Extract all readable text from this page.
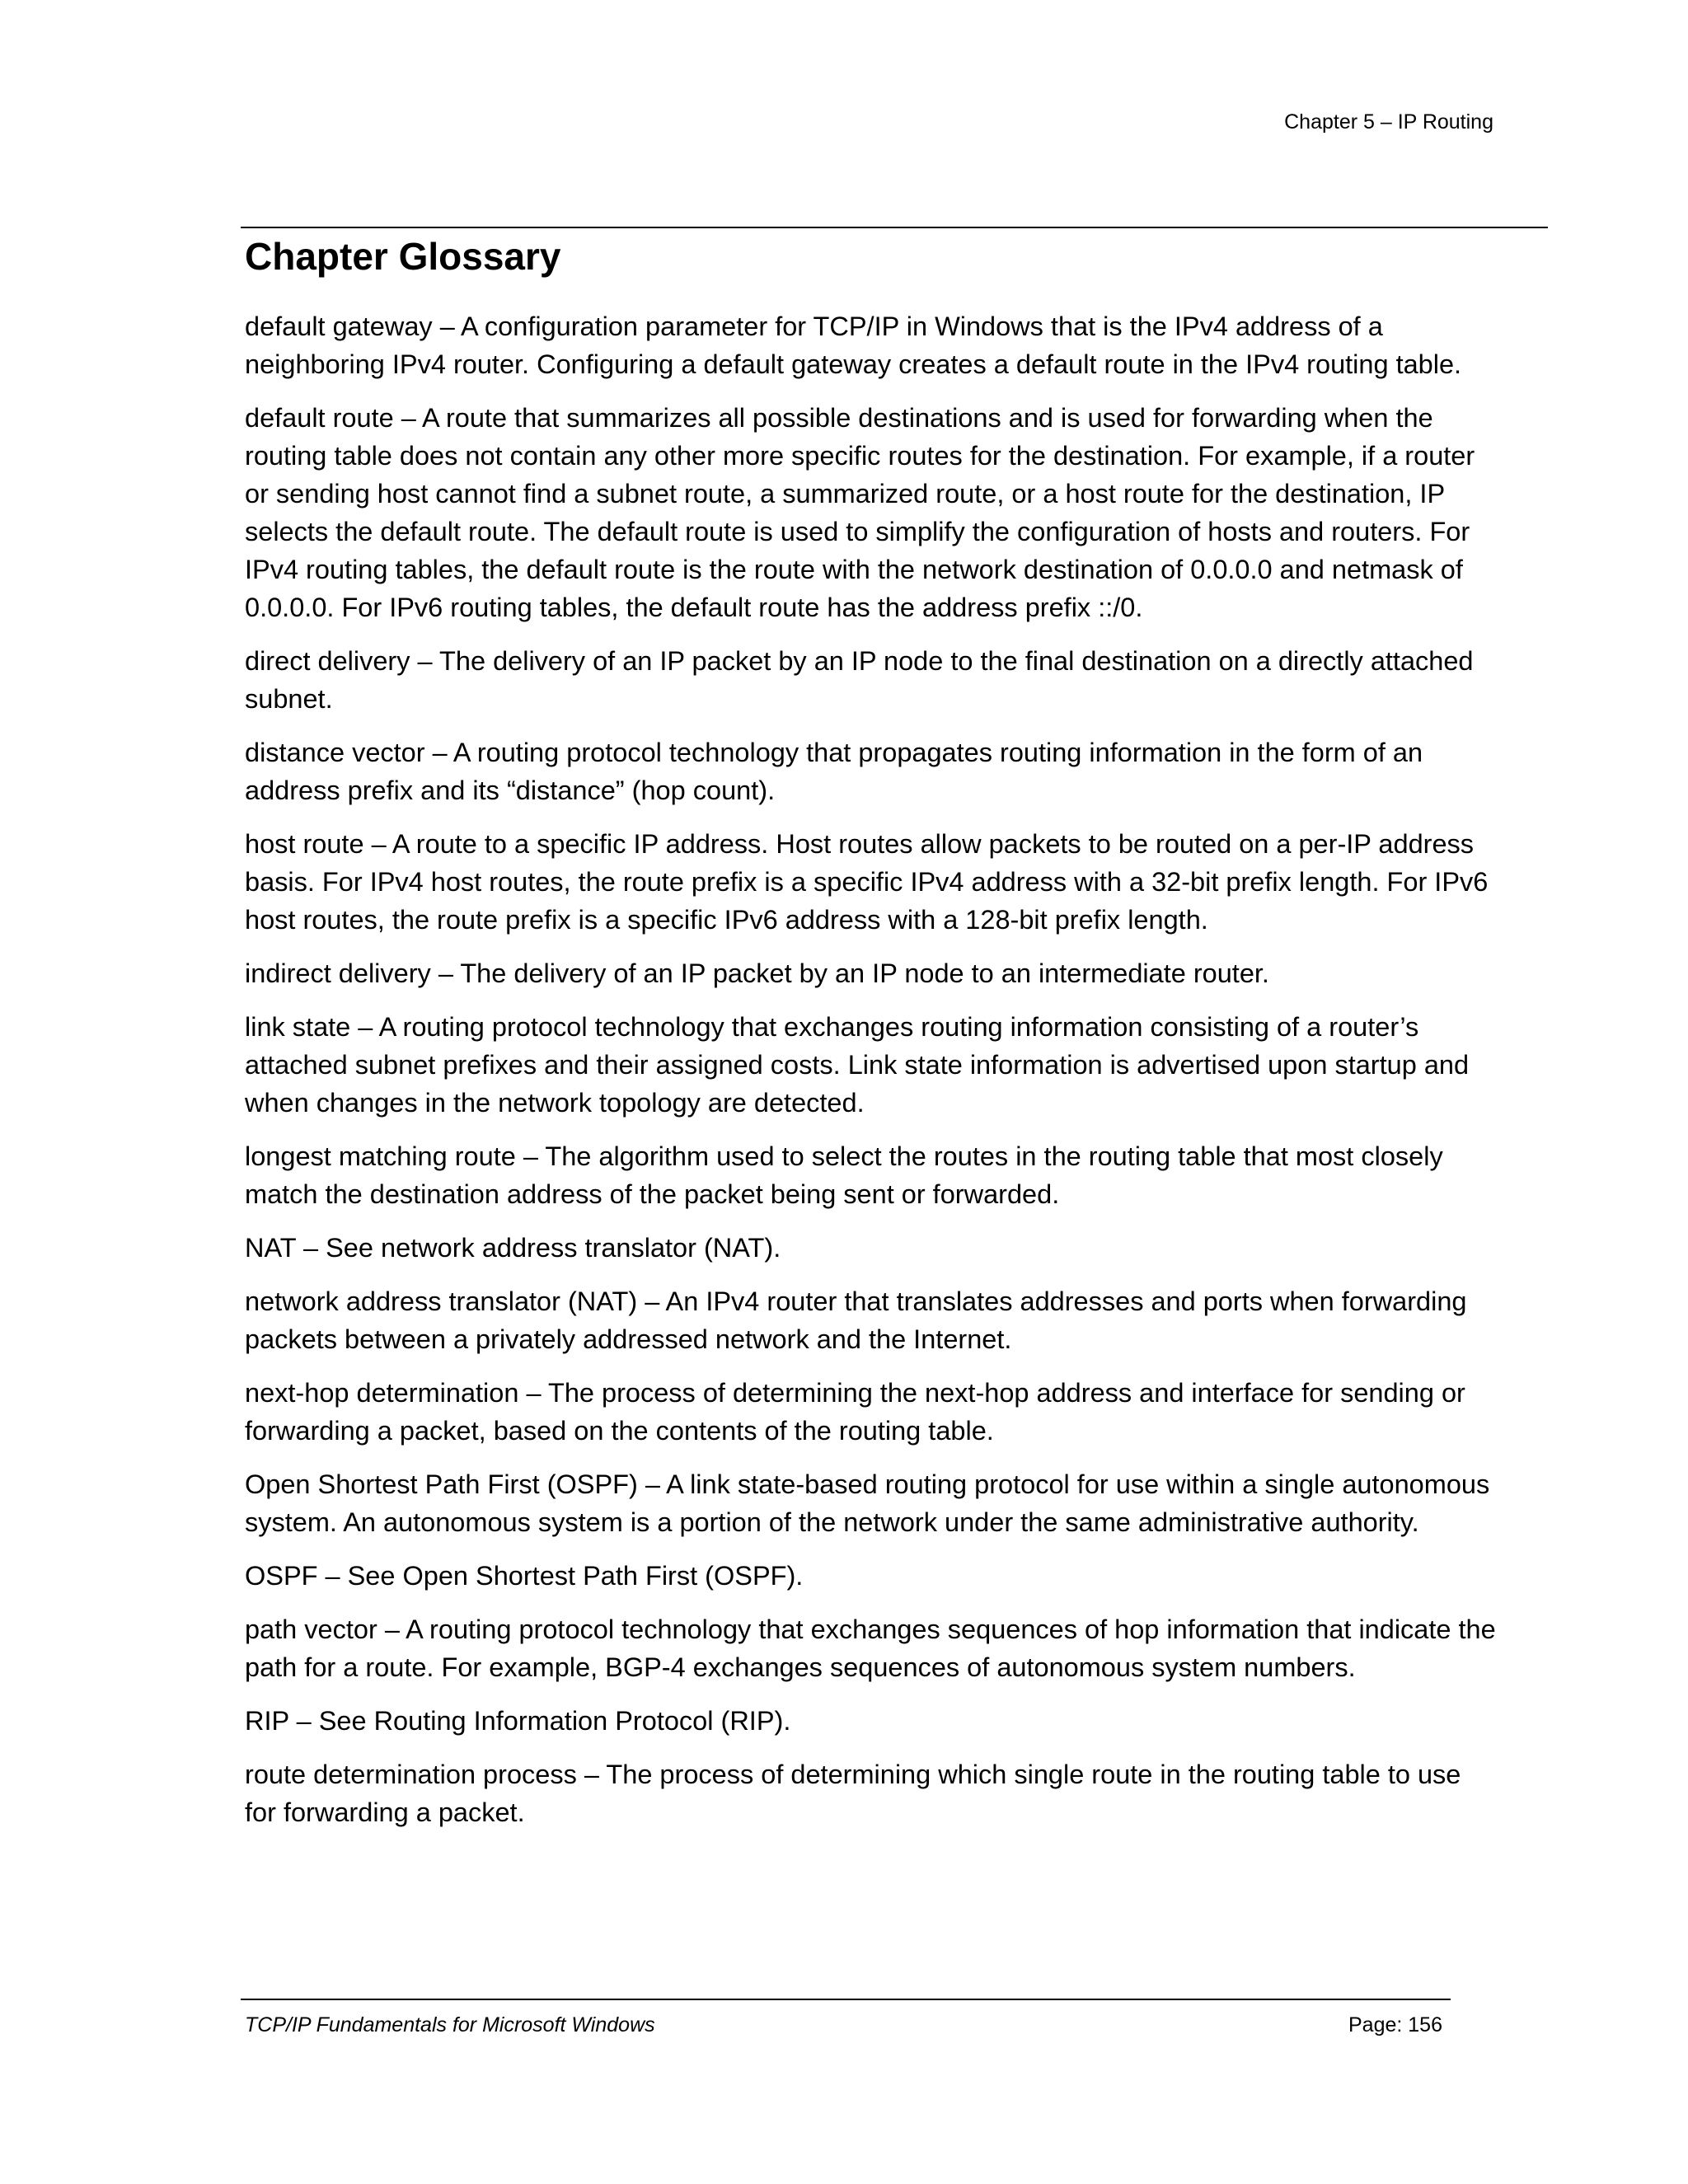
Chapter 5 – IP Routing
Chapter Glossary

default gateway – A configuration parameter for TCP/IP in Windows that is the IPv4 address of a neighboring IPv4 router. Configuring a default gateway creates a default route in the IPv4 routing table.

default route – A route that summarizes all possible destinations and is used for forwarding when the routing table does not contain any other more specific routes for the destination. For example, if a router or sending host cannot find a subnet route, a summarized route, or a host route for the destination, IP selects the default route. The default route is used to simplify the configuration of hosts and routers. For IPv4 routing tables, the default route is the route with the network destination of 0.0.0.0 and netmask of 0.0.0.0. For IPv6 routing tables, the default route has the address prefix ::/0.

direct delivery – The delivery of an IP packet by an IP node to the final destination on a directly attached subnet.

distance vector – A routing protocol technology that propagates routing information in the form of an address prefix and its “distance” (hop count).

host route – A route to a specific IP address. Host routes allow packets to be routed on a per-IP address basis. For IPv4 host routes, the route prefix is a specific IPv4 address with a 32-bit prefix length. For IPv6 host routes, the route prefix is a specific IPv6 address with a 128-bit prefix length.

indirect delivery – The delivery of an IP packet by an IP node to an intermediate router.

link state – A routing protocol technology that exchanges routing information consisting of a router’s attached subnet prefixes and their assigned costs. Link state information is advertised upon startup and when changes in the network topology are detected.

longest matching route – The algorithm used to select the routes in the routing table that most closely match the destination address of the packet being sent or forwarded.

NAT – See network address translator (NAT).

network address translator (NAT) – An IPv4 router that translates addresses and ports when forwarding packets between a privately addressed network and the Internet.

next-hop determination – The process of determining the next-hop address and interface for sending or forwarding a packet, based on the contents of the routing table.

Open Shortest Path First (OSPF) – A link state-based routing protocol for use within a single autonomous system. An autonomous system is a portion of the network under the same administrative authority.

OSPF – See Open Shortest Path First (OSPF).

path vector – A routing protocol technology that exchanges sequences of hop information that indicate the path for a route. For example, BGP-4 exchanges sequences of autonomous system numbers.

RIP – See Routing Information Protocol (RIP).

route determination process – The process of determining which single route in the routing table to use for forwarding a packet.

TCP/IP Fundamentals for Microsoft Windows	Page: 156
